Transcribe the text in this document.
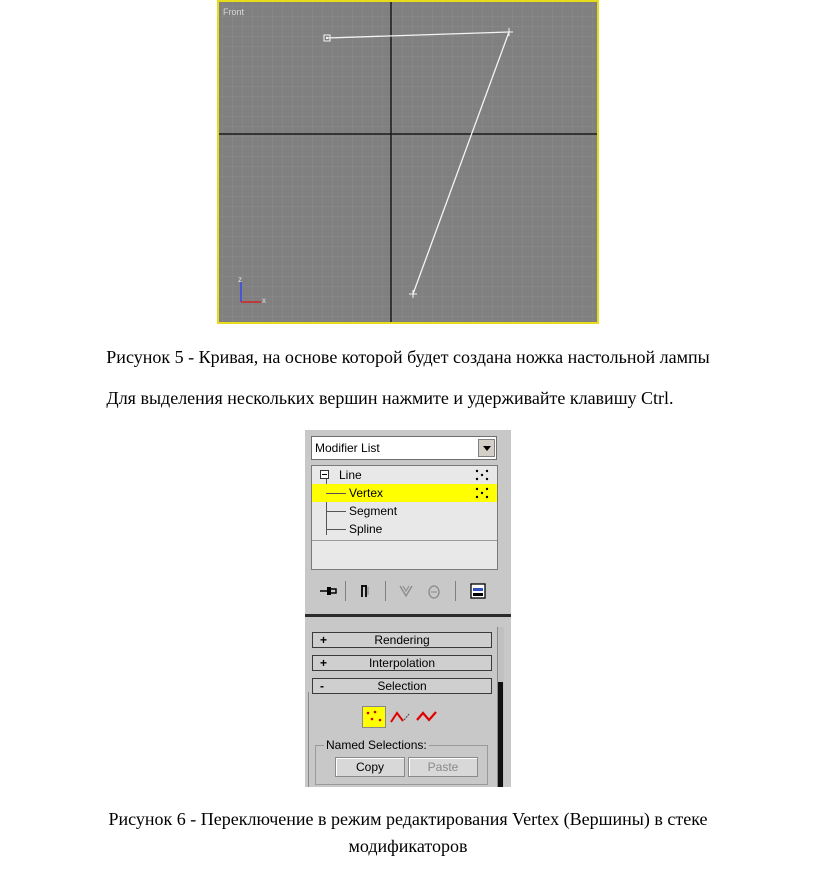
z
x
Front
Рисунок 5 - Кривая, на основе которой будет создана ножка настольной лампы
Для выделения нескольких вершин нажмите и удерживайте клавишу Ctrl.
Modifier List
Line
Vertex
Segment
Spline
+	Rendering
+	Interpolation
-	Selection
Named Selections:
Copy	Paste
Рисунок 6 - Переключение в режим редактирования Vertex (Вершины) в стеке
модификаторов
